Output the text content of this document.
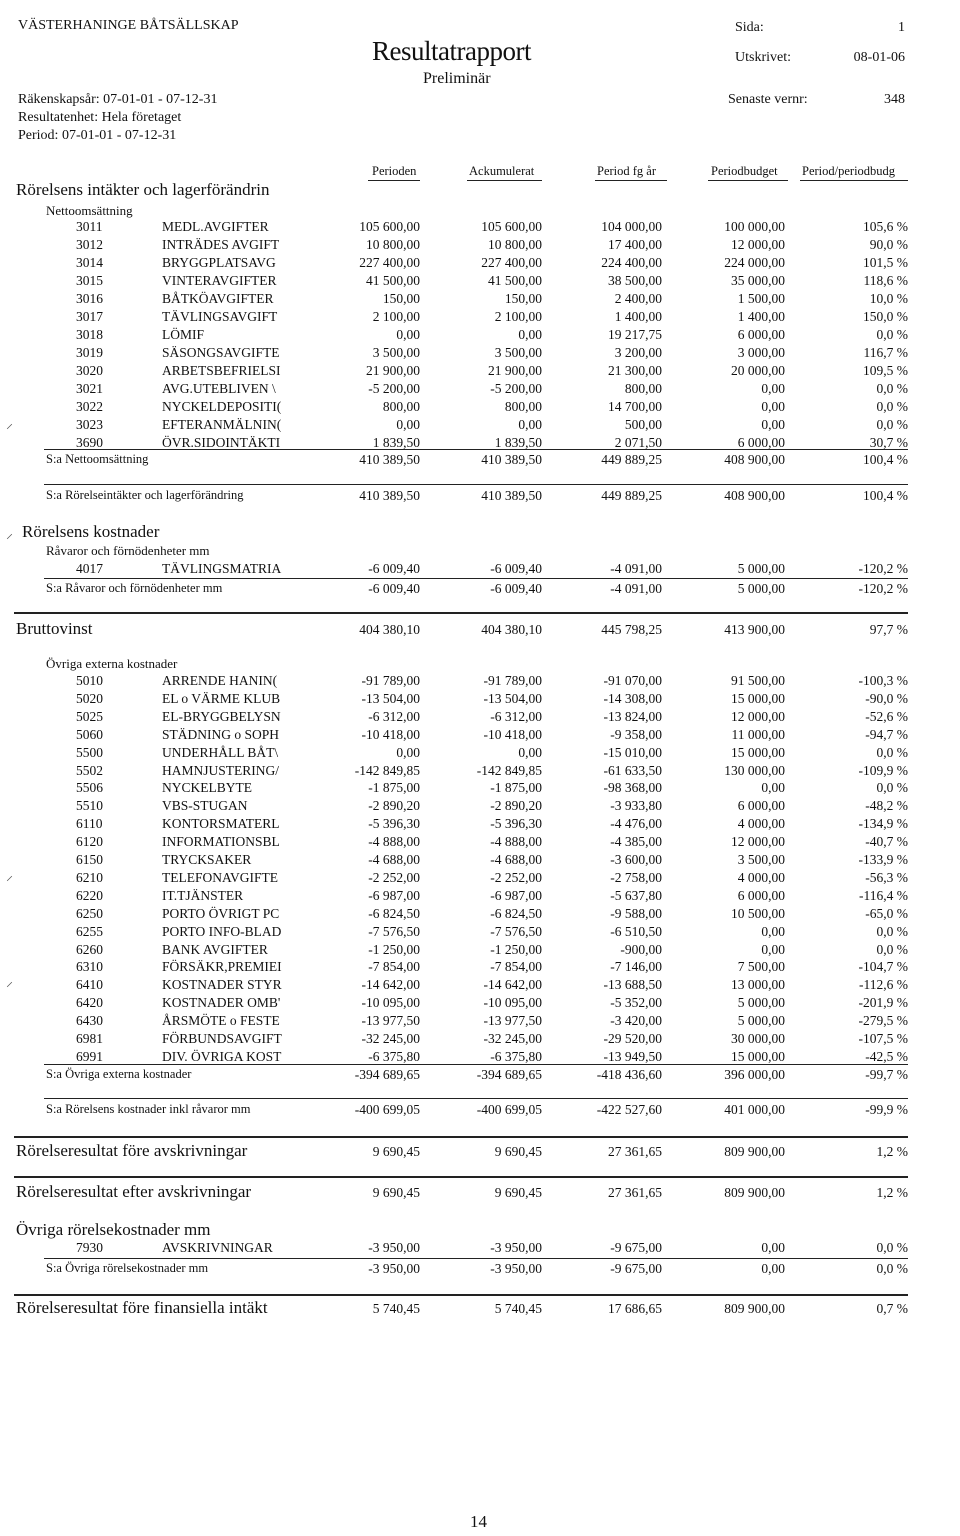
VÄSTERHANINGE BÅTSÄLLSKAP
Resultatrapport
Preliminär
Räkenskapsår: 07-01-01 - 07-12-31
Resultatenhet: Hela företaget
Period: 07-01-01 - 07-12-31
Sida:	1
Utskrivet:	08-01-06
Senaste vernr:	348
Perioden	Ackumulerat	Period fg år	Periodbudget Period/periodbudg
Rörelsens intäkter och lagerförändrin
Nettoomsättning
3011	MEDL.AVGIFTER	105 600,00	105 600,00	104 000,00	100 000,00	105,6 %
3012	INTRÄDES AVGIFT	10 800,00	10 800,00	17 400,00	12 000,00	90,0 %
3014	BRYGGPLATSAVG	227 400,00	227 400,00	224 400,00	224 000,00	101,5 %
3015	VINTERAVGIFTER	41 500,00	41 500,00	38 500,00	35 000,00	118,6 %
3016	BÅTKÖAVGIFTER	150,00	150,00	2 400,00	1 500,00	10,0 %
3017	TÄVLINGSAVGIFT	2 100,00	2 100,00	1 400,00	1 400,00	150,0 %
3018	LÖMIF	0,00	0,00	19 217,75	6 000,00	0,0 %
3019	SÄSONGSAVGIFTE	3 500,00	3 500,00	3 200,00	3 000,00	116,7 %
3020	ARBETSBEFRIELSI	21 900,00	21 900,00	21 300,00	20 000,00	109,5 %
3021	AVG.UTEBLIVEN \	-5 200,00	-5 200,00	800,00	0,00	0,0 %
3022	NYCKELDEPOSITI(	800,00	800,00	14 700,00	0,00	0,0 %
3023	EFTERANMÄLNIN(	0,00	0,00	500,00	0,00	0,0 %
3690	ÖVR.SIDOINTÄKTI	1 839,50	1 839,50	2 071,50	6 000,00	30,7 %
S:a Nettoomsättning	410 389,50	410 389,50	449 889,25	408 900,00	100,4 %
S:a Rörelseintäkter och lagerförändring	410 389,50	410 389,50	449 889,25	408 900,00	100,4 %
Rörelsens kostnader
Råvaror och förnödenheter mm
4017	TÄVLINGSMATRIA	-6 009,40	-6 009,40	-4 091,00	5 000,00	-120,2 %
S:a Råvaror och förnödenheter mm	-6 009,40	-6 009,40	-4 091,00	5 000,00	-120,2 %
Bruttovinst	404 380,10	404 380,10	445 798,25	413 900,00	97,7 %
Övriga externa kostnader
5010	ARRENDE HANIN(	-91 789,00	-91 789,00	-91 070,00	91 500,00	-100,3 %
5020	EL o VÄRME KLUB	-13 504,00	-13 504,00	-14 308,00	15 000,00	-90,0 %
5025	EL-BRYGGBELYSN	-6 312,00	-6 312,00	-13 824,00	12 000,00	-52,6 %
5060	STÄDNING o SOPH	-10 418,00	-10 418,00	-9 358,00	11 000,00	-94,7 %
5500	UNDERHÅLL BÅT\	0,00	0,00	-15 010,00	15 000,00	0,0 %
5502	HAMNJUSTERING/	-142 849,85	-142 849,85	-61 633,50	130 000,00	-109,9 %
5506	NYCKELBYTE	-1 875,00	-1 875,00	-98 368,00	0,00	0,0 %
5510	VBS-STUGAN	-2 890,20	-2 890,20	-3 933,80	6 000,00	-48,2 %
6110	KONTORSMATERL	-5 396,30	-5 396,30	-4 476,00	4 000,00	-134,9 %
6120	INFORMATIONSBL	-4 888,00	-4 888,00	-4 385,00	12 000,00	-40,7 %
6150	TRYCKSAKER	-4 688,00	-4 688,00	-3 600,00	3 500,00	-133,9 %
6210	TELEFONAVGIFTE	-2 252,00	-2 252,00	-2 758,00	4 000,00	-56,3 %
6220	IT.TJÄNSTER	-6 987,00	-6 987,00	-5 637,80	6 000,00	-116,4 %
6250	PORTO ÖVRIGT PC	-6 824,50	-6 824,50	-9 588,00	10 500,00	-65,0 %
6255	PORTO INFO-BLAD	-7 576,50	-7 576,50	-6 510,50	0,00	0,0 %
6260	BANK AVGIFTER	-1 250,00	-1 250,00	-900,00	0,00	0,0 %
6310	FÖRSÄKR,PREMIEI	-7 854,00	-7 854,00	-7 146,00	7 500,00	-104,7 %
6410	KOSTNADER STYR	-14 642,00	-14 642,00	-13 688,50	13 000,00	-112,6 %
6420	KOSTNADER OMB'	-10 095,00	-10 095,00	-5 352,00	5 000,00	-201,9 %
6430	ÅRSMÖTE o FESTE	-13 977,50	-13 977,50	-3 420,00	5 000,00	-279,5 %
6981	FÖRBUNDSAVGIFT	-32 245,00	-32 245,00	-29 520,00	30 000,00	-107,5 %
6991	DIV. ÖVRIGA KOST	-6 375,80	-6 375,80	-13 949,50	15 000,00	-42,5 %
S:a Övriga externa kostnader	-394 689,65	-394 689,65	-418 436,60	396 000,00	-99,7 %
S:a Rörelsens kostnader inkl råvaror mm	-400 699,05	-400 699,05	-422 527,60	401 000,00	-99,9 %
Rörelseresultat före avskrivningar	9 690,45	9 690,45	27 361,65	809 900,00	1,2 %
Rörelseresultat efter avskrivningar	9 690,45	9 690,45	27 361,65	809 900,00	1,2 %
Övriga rörelsekostnader mm
7930	AVSKRIVNINGAR	-3 950,00	-3 950,00	-9 675,00	0,00	0,0 %
S:a Övriga rörelsekostnader mm	-3 950,00	-3 950,00	-9 675,00	0,00	0,0 %
Rörelseresultat före finansiella intäkt	5 740,45	5 740,45	17 686,65	809 900,00	0,7 %
⸝
⸝
⸝
⸝
14
